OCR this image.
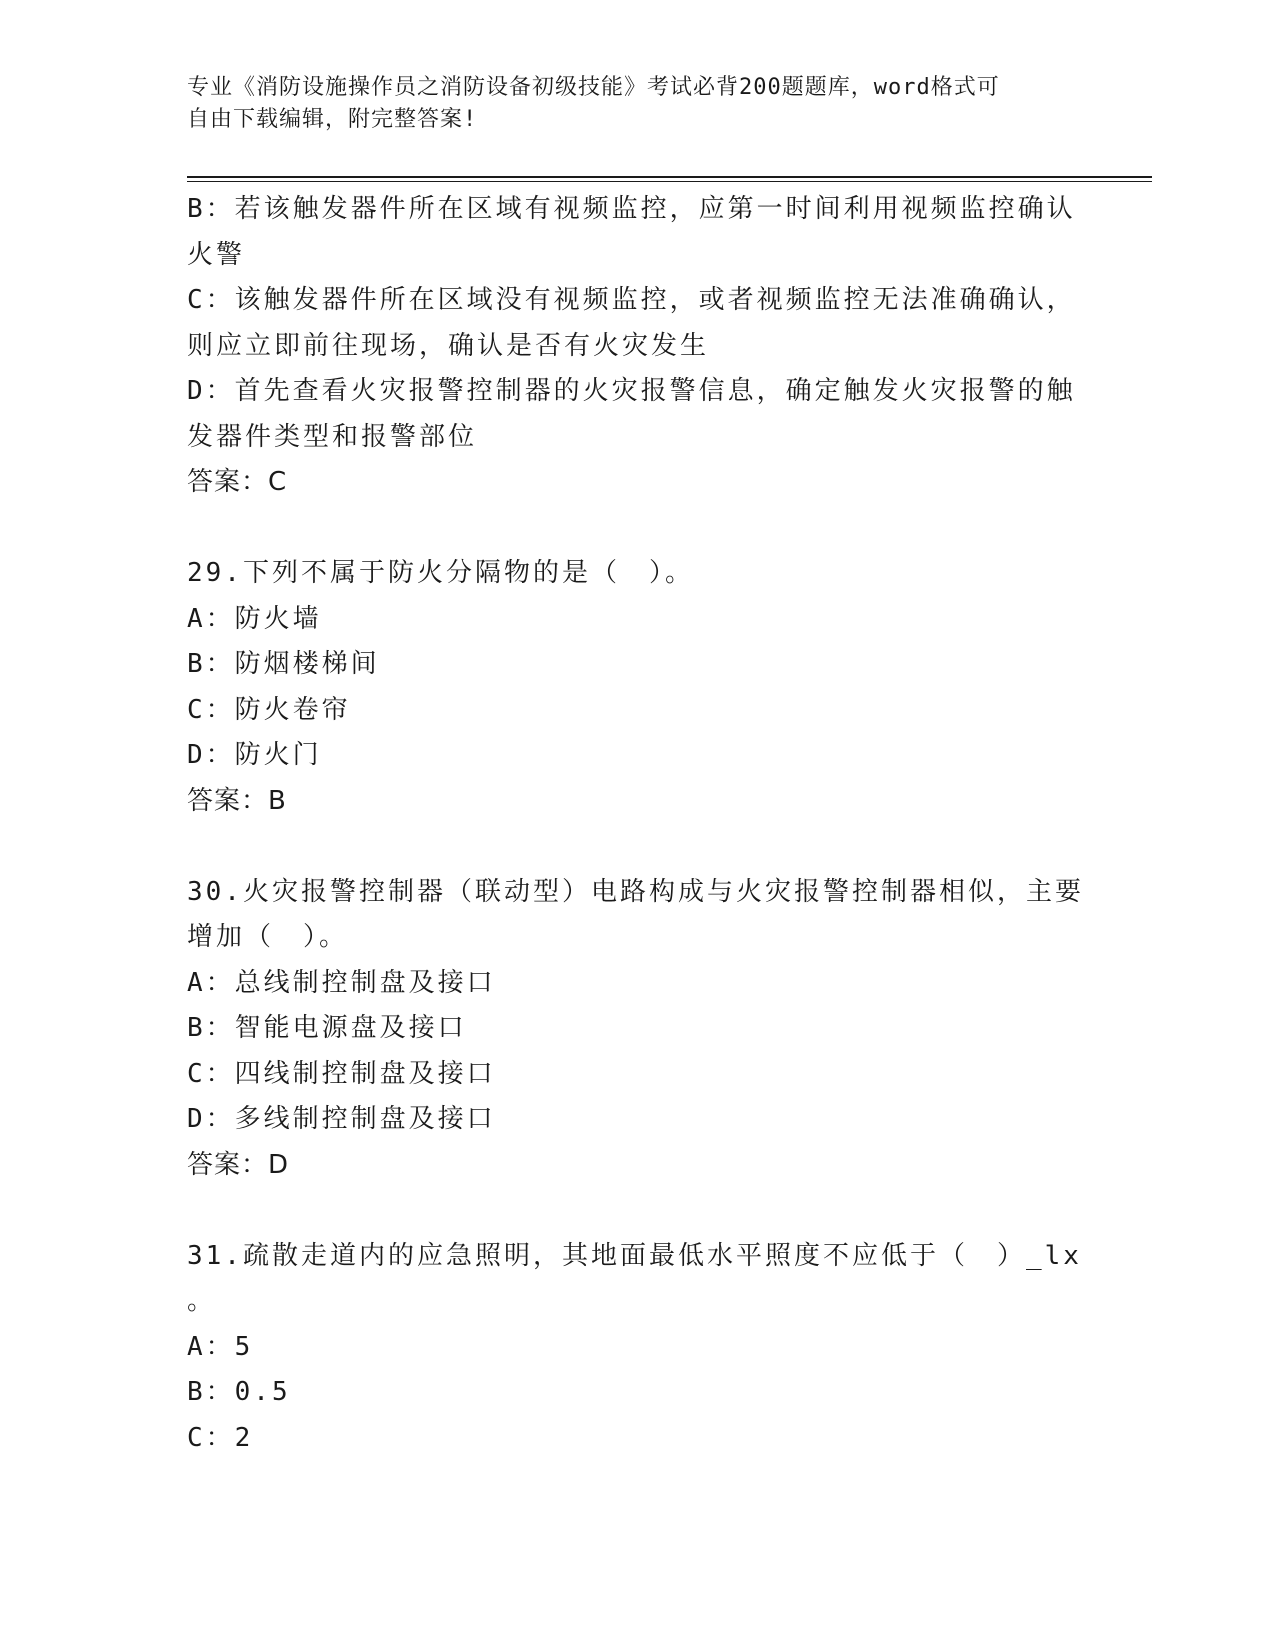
专业《消防设施操作员之消防设备初级技能》考试必背200题题库，word格式可
自由下载编辑，附完整答案!
B：若该触发器件所在区域有视频监控，应第一时间利用视频监控确认
火警
C：该触发器件所在区域没有视频监控，或者视频监控无法准确确认，
则应立即前往现场，确认是否有火灾发生
D：首先查看火灾报警控制器的火灾报警信息，确定触发火灾报警的触
发器件类型和报警部位
答案：C
29.下列不属于防火分隔物的是（　）。
A：防火墙
B：防烟楼梯间
C：防火卷帘
D：防火门
答案：B
30.火灾报警控制器（联动型）电路构成与火灾报警控制器相似，主要
增加（　）。
A：总线制控制盘及接口
B：智能电源盘及接口
C：四线制控制盘及接口
D：多线制控制盘及接口
答案：D
31.疏散走道内的应急照明，其地面最低水平照度不应低于（　）_lx
。
A：5
B：0.5
C：2
